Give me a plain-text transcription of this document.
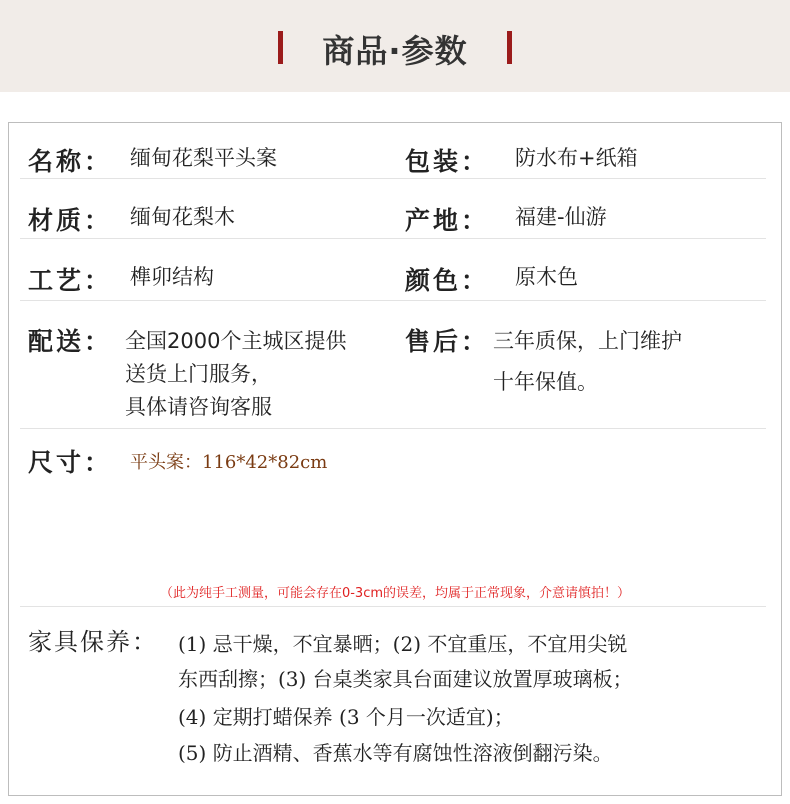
商品·参数
名称： 缅甸花梨平头案	包装： 防水布+纸箱
材质： 缅甸花梨木	产地： 福建-仙游
工艺： 榫卯结构	颜色： 原木色
配送： 全国2000个主城区提供
送货上门服务，
具体请咨询客服
售后： 三年质保，上门维护
十年保值。
尺寸： 平头案：116*42*82cm
（此为纯手工测量，可能会存在0-3cm的误差，均属于正常现象，介意请慎拍！）
家具保养： (1) 忌干燥，不宜暴晒；(2) 不宜重压，不宜用尖锐
东西刮擦；(3) 台桌类家具台面建议放置厚玻璃板；
(4) 定期打蜡保养 (3 个月一次适宜)；
(5) 防止酒精、香蕉水等有腐蚀性溶液倒翻污染。
